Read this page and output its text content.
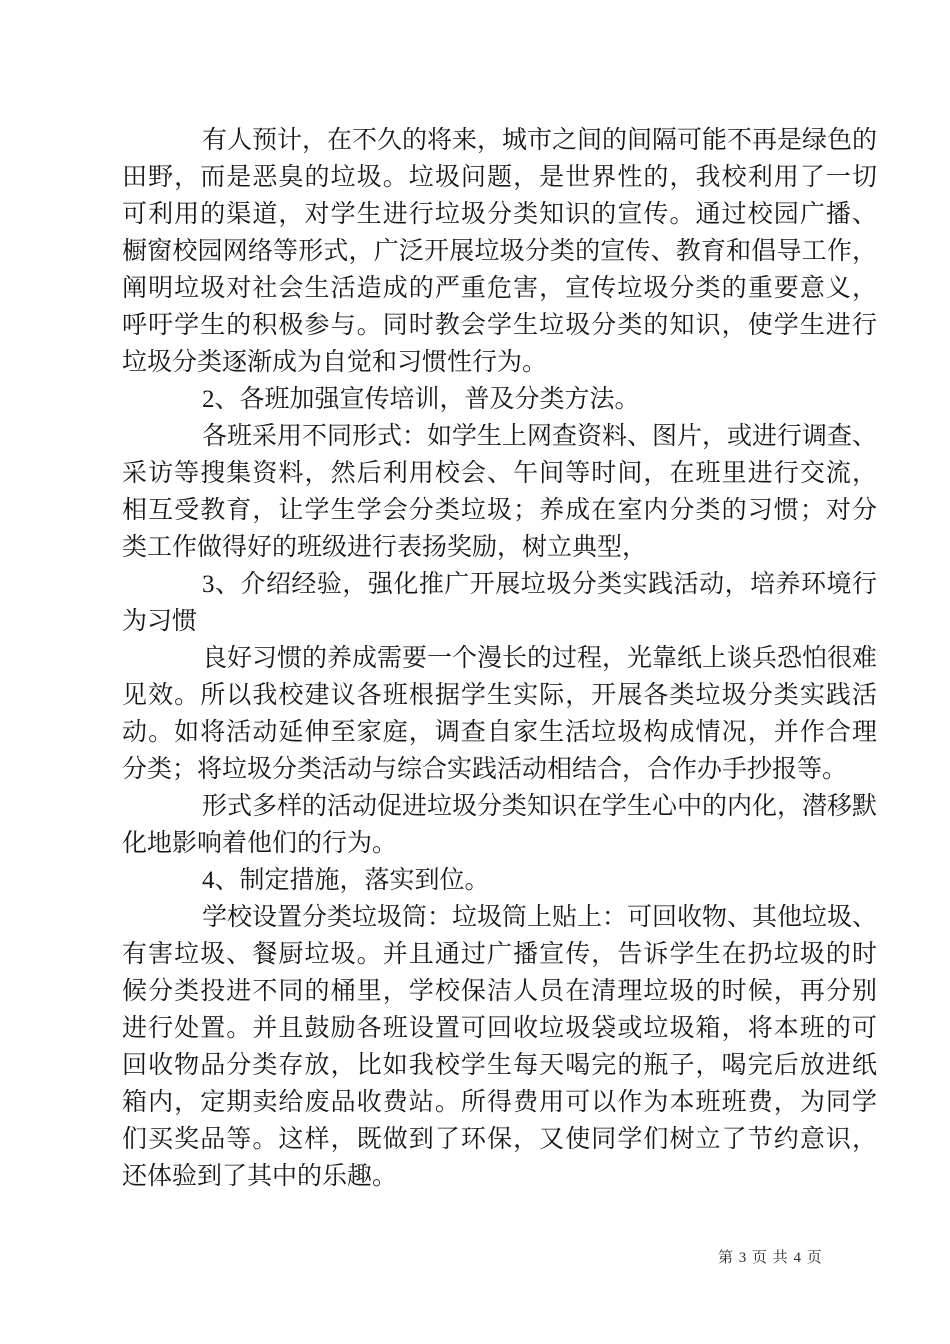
有人预计，在不久的将来，城市之间的间隔可能不再是绿色的
田野，而是恶臭的垃圾。垃圾问题，是世界性的，我校利用了一切
可利用的渠道，对学生进行垃圾分类知识的宣传。通过校园广播、
橱窗校园网络等形式，广泛开展垃圾分类的宣传、教育和倡导工作，
阐明垃圾对社会生活造成的严重危害，宣传垃圾分类的重要意义，
呼吁学生的积极参与。同时教会学生垃圾分类的知识，使学生进行
垃圾分类逐渐成为自觉和习惯性行为。
2、各班加强宣传培训，普及分类方法。
各班采用不同形式：如学生上网查资料、图片，或进行调查、
采访等搜集资料，然后利用校会、午间等时间，在班里进行交流，
相互受教育，让学生学会分类垃圾；养成在室内分类的习惯；对分
类工作做得好的班级进行表扬奖励，树立典型，
3、介绍经验，强化推广开展垃圾分类实践活动，培养环境行
为习惯
良好习惯的养成需要一个漫长的过程，光靠纸上谈兵恐怕很难
见效。所以我校建议各班根据学生实际，开展各类垃圾分类实践活
动。如将活动延伸至家庭，调查自家生活垃圾构成情况，并作合理
分类；将垃圾分类活动与综合实践活动相结合，合作办手抄报等。
形式多样的活动促进垃圾分类知识在学生心中的内化，潜移默
化地影响着他们的行为。
4、制定措施，落实到位。
学校设置分类垃圾筒：垃圾筒上贴上：可回收物、其他垃圾、
有害垃圾、餐厨垃圾。并且通过广播宣传，告诉学生在扔垃圾的时
候分类投进不同的桶里，学校保洁人员在清理垃圾的时候，再分别
进行处置。并且鼓励各班设置可回收垃圾袋或垃圾箱，将本班的可
回收物品分类存放，比如我校学生每天喝完的瓶子，喝完后放进纸
箱内，定期卖给废品收费站。所得费用可以作为本班班费，为同学
们买奖品等。这样，既做到了环保，又使同学们树立了节约意识，
还体验到了其中的乐趣。
第 3 页 共 4 页
